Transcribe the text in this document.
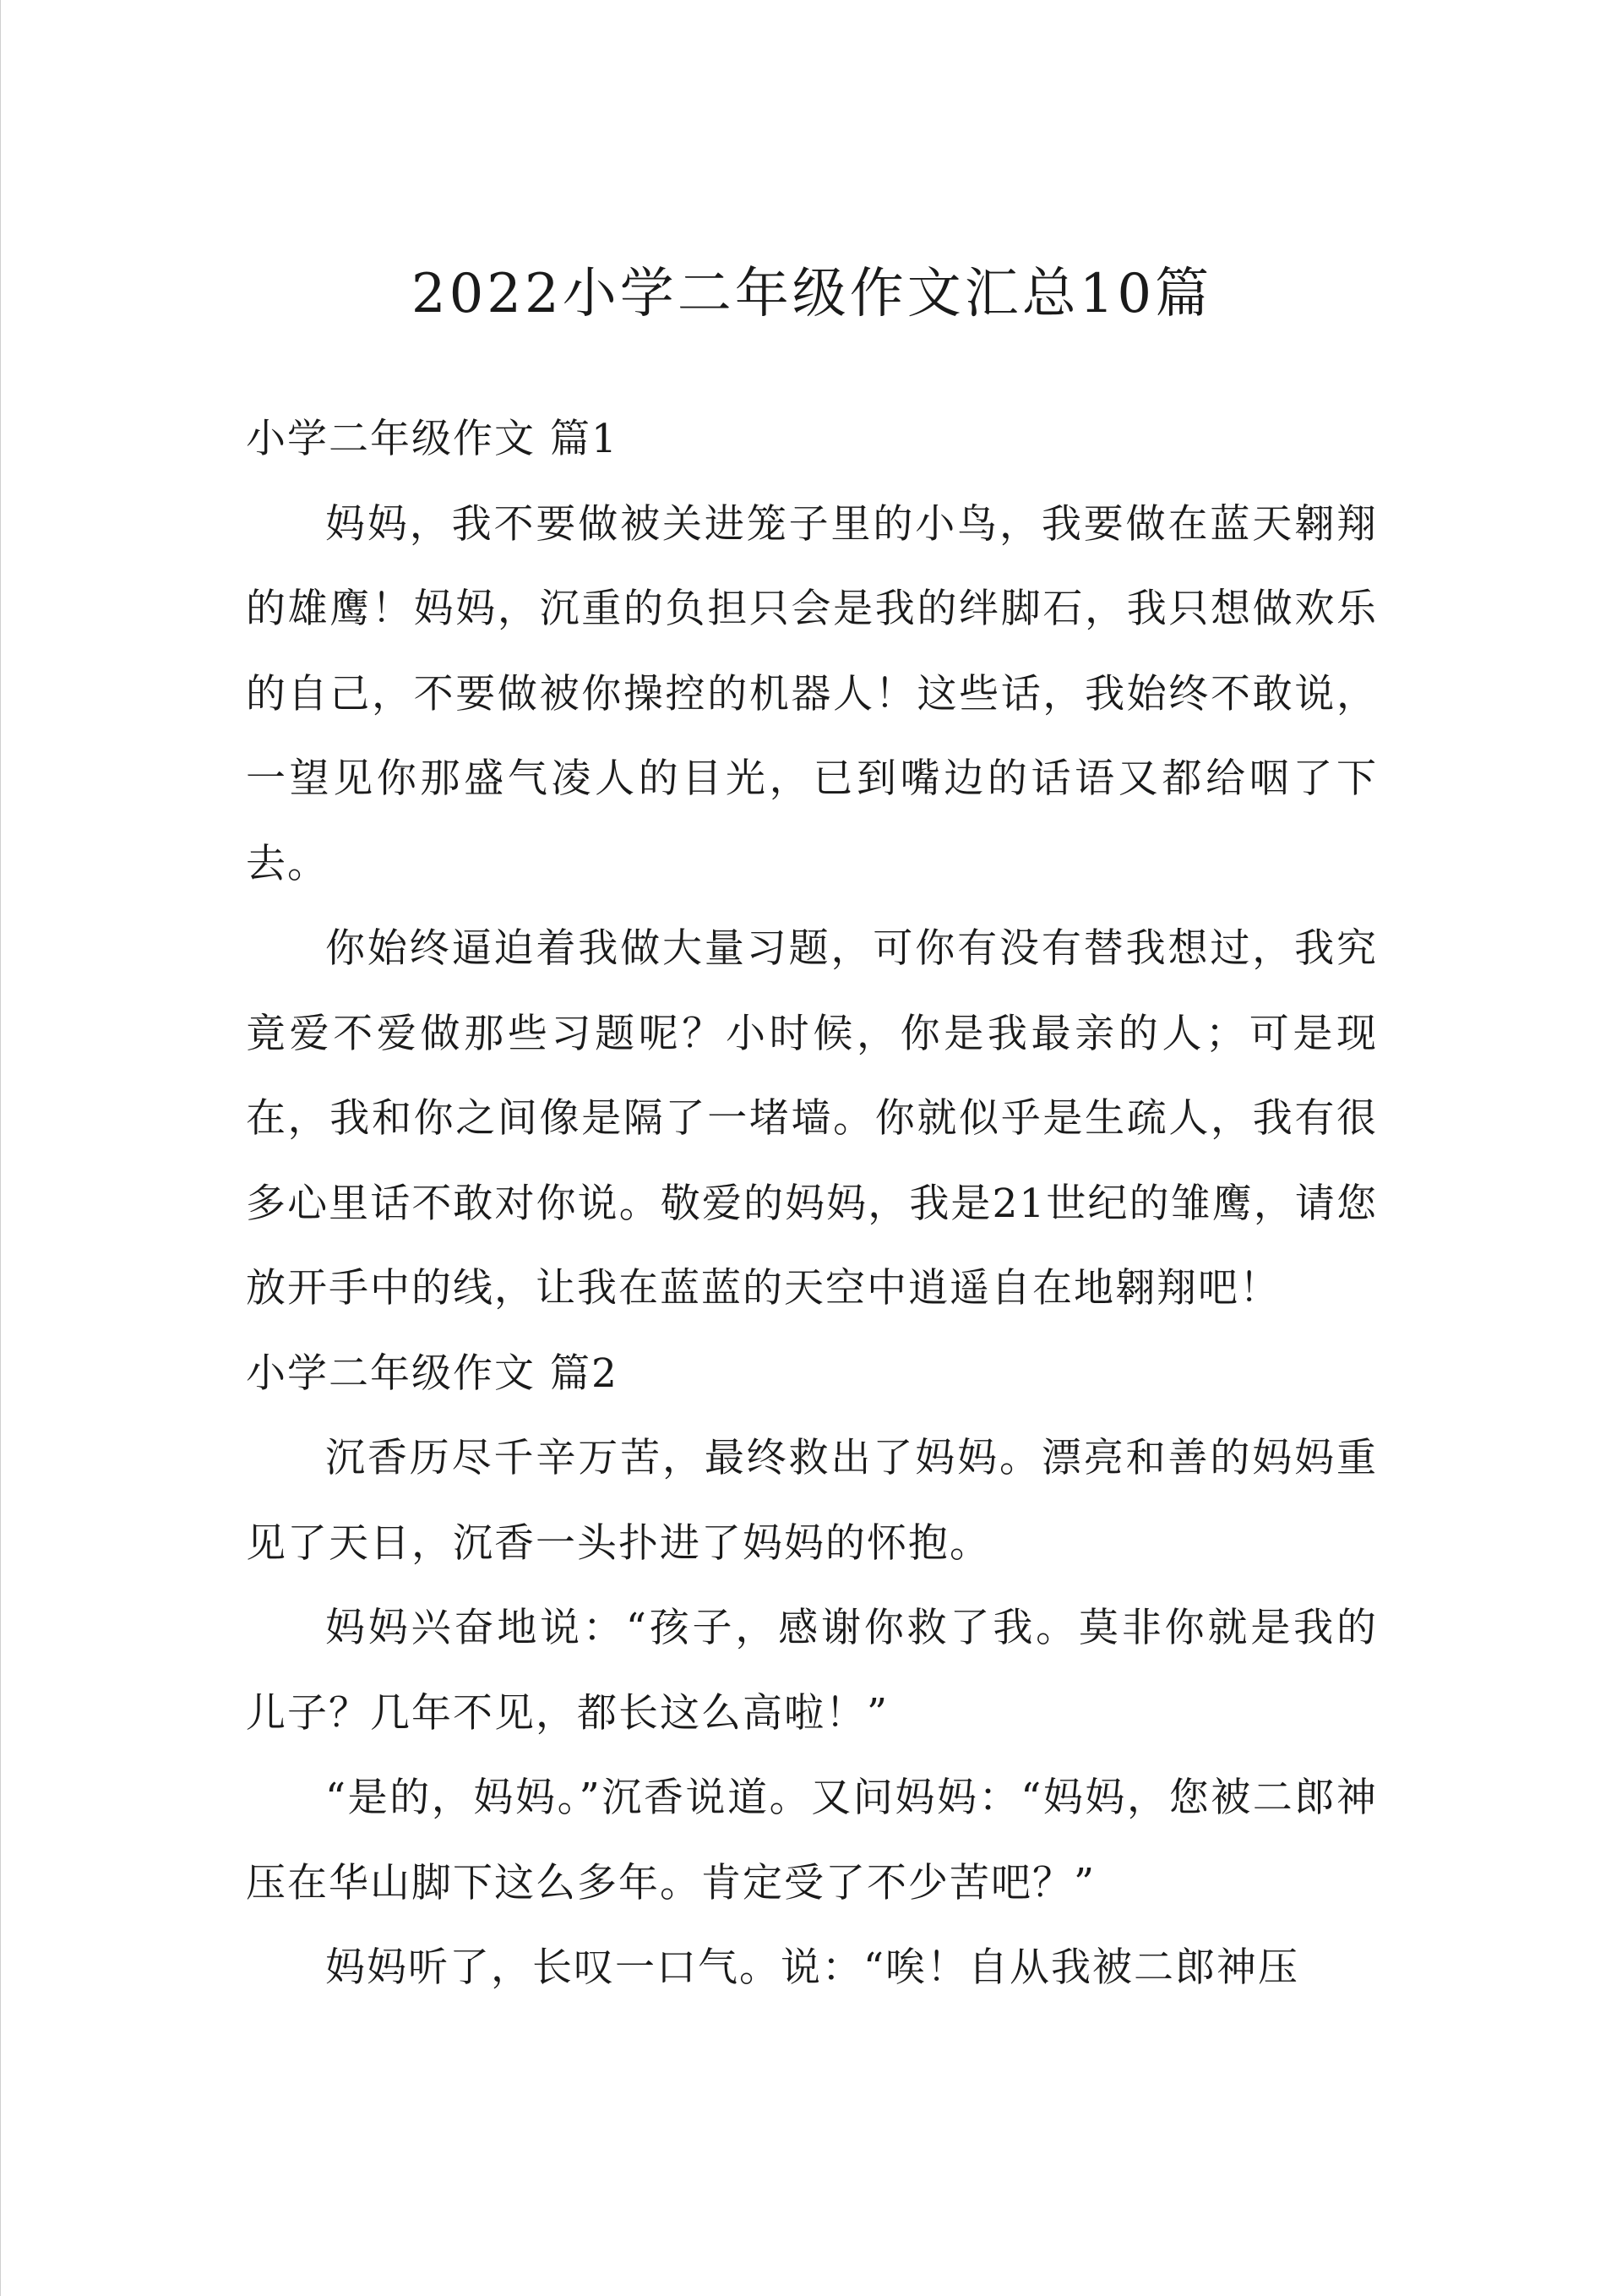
2022小学二年级作文汇总10篇
小学二年级作文 篇1

妈妈，我不要做被关进笼子里的小鸟，我要做在蓝天翱翔的雄鹰！妈妈，沉重的负担只会是我的绊脚石，我只想做欢乐的自己，不要做被你操控的机器人！这些话，我始终不敢说，一望见你那盛气凌人的目光，已到嘴边的话语又都给咽了下去。

你始终逼迫着我做大量习题，可你有没有替我想过，我究竟爱不爱做那些习题呢？小时候，你是我最亲的人；可是现在，我和你之间像是隔了一堵墙。你就似乎是生疏人，我有很多心里话不敢对你说。敬爱的妈妈，我是21世纪的雏鹰，请您放开手中的线，让我在蓝蓝的天空中逍遥自在地翱翔吧！

小学二年级作文 篇2

沉香历尽千辛万苦，最终救出了妈妈。漂亮和善的妈妈重见了天日，沉香一头扑进了妈妈的怀抱。

妈妈兴奋地说：“孩子，感谢你救了我。莫非你就是我的儿子？几年不见，都长这么高啦！”

“是的，妈妈。”沉香说道。又问妈妈：“妈妈，您被二郎神压在华山脚下这么多年。肯定受了不少苦吧？”

妈妈听了，长叹一口气。说：“唉！自从我被二郎神压
